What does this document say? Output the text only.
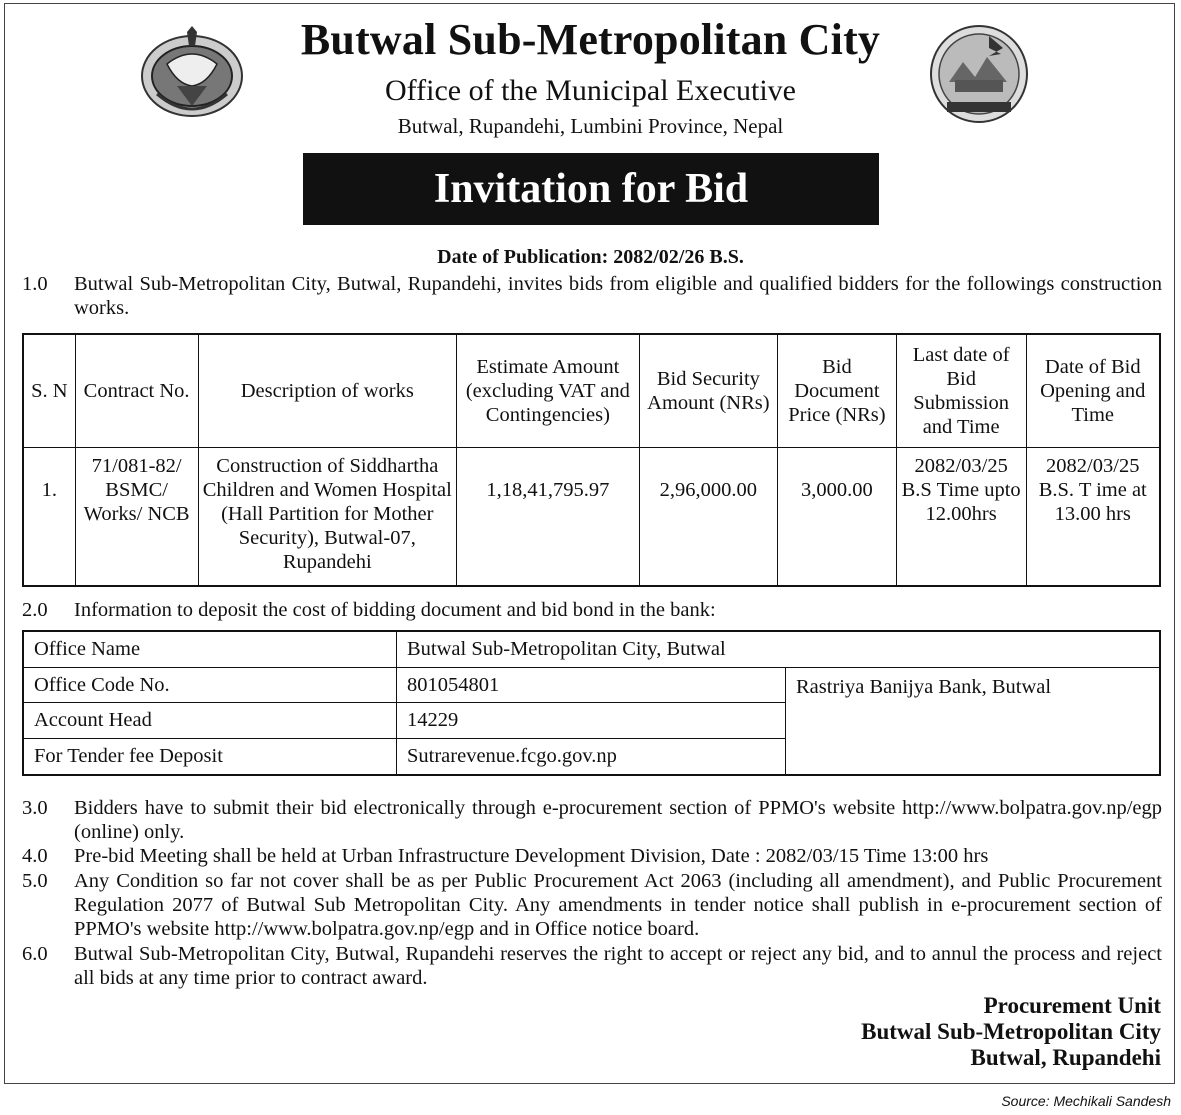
Butwal Sub-Metropolitan City
Office of the Municipal Executive
Butwal, Rupandehi, Lumbini Province, Nepal
Invitation for Bid
Date of Publication: 2082/02/26 B.S.
1.0	Butwal Sub-Metropolitan City, Butwal, Rupandehi, invites bids from eligible and qualified bidders for the followings construction works.
S. N	Contract No.	Description of works	Estimate Amount (excluding VAT and Contingencies)	Bid Security Amount (NRs)	Bid Document Price (NRs)	Last date of Bid Submission and Time	Date of Bid Opening and Time
1.	71/081-82/ BSMC/ Works/ NCB	Construction of Siddhartha Children and Women Hospital (Hall Partition for Mother Security), Butwal-07, Rupandehi	1,18,41,795.97	2,96,000.00	3,000.00	2082/03/25 B.S Time upto 12.00hrs	2082/03/25 B.S. T ime at 13.00 hrs
2.0	Information to deposit the cost of bidding document and bid bond in the bank:
Office Name	Butwal Sub-Metropolitan City, Butwal	
Office Code No.	801054801	Rastriya Banijya Bank, Butwal
Account Head	14229	
For Tender fee Deposit	Sutrarevenue.fcgo.gov.np	
3.0	Bidders have to submit their bid electronically through e-procurement section of PPMO's website http://www.bolpatra.gov.np/egp (online) only.
4.0	Pre-bid Meeting shall be held at Urban Infrastructure Development Division, Date : 2082/03/15 Time 13:00 hrs
5.0	Any Condition so far not cover shall be as per Public Procurement Act 2063 (including all amendment), and Public Procurement Regulation 2077 of Butwal Sub Metropolitan City. Any amendments in tender notice shall publish in e-procurement section of PPMO's website http://www.bolpatra.gov.np/egp and in Office notice board.
6.0	Butwal Sub-Metropolitan City, Butwal, Rupandehi reserves the right to accept or reject any bid, and to annul the process and reject all bids at any time prior to contract award.
Procurement Unit
Butwal Sub-Metropolitan City
Butwal, Rupandehi
Source: Mechikali Sandesh
